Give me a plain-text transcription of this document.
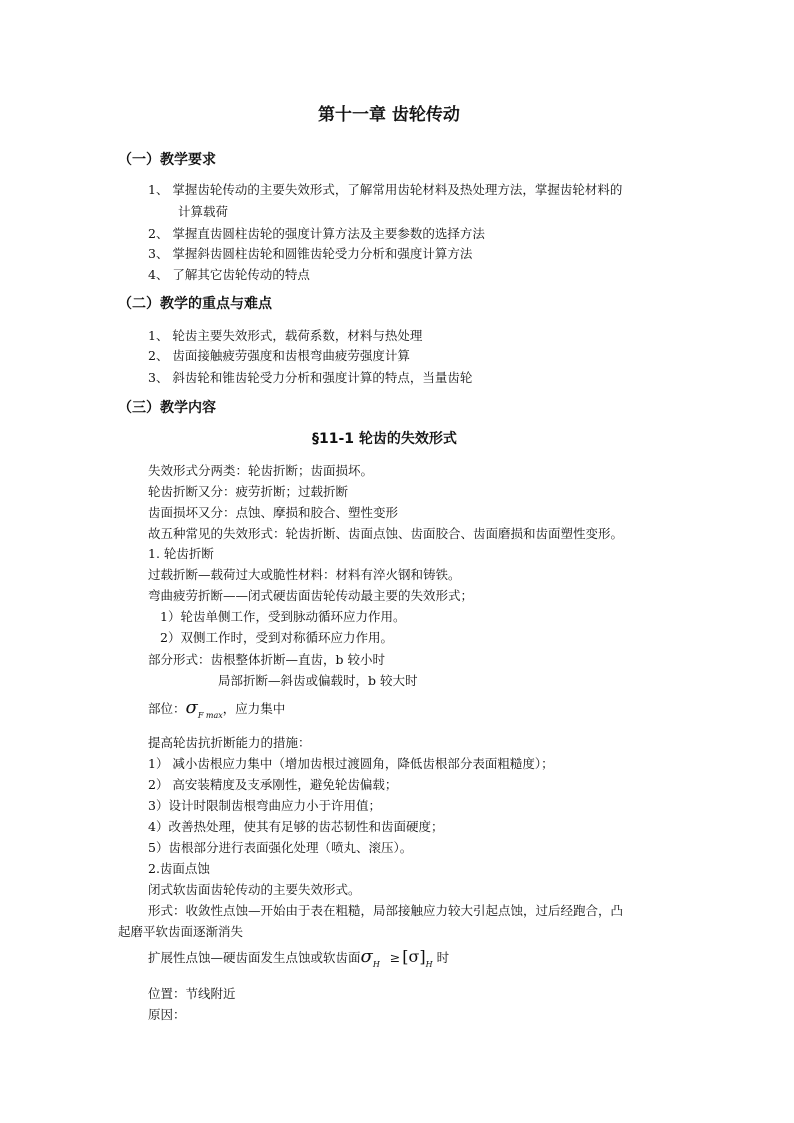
第十一章 齿轮传动
（一）教学要求
1、 掌握齿轮传动的主要失效形式，了解常用齿轮材料及热处理方法，掌握齿轮材料的
计算载荷
2、 掌握直齿圆柱齿轮的强度计算方法及主要参数的选择方法
3、 掌握斜齿圆柱齿轮和圆锥齿轮受力分析和强度计算方法
4、 了解其它齿轮传动的特点
（二）教学的重点与难点
1、 轮齿主要失效形式，载荷系数，材料与热处理
2、 齿面接触疲劳强度和齿根弯曲疲劳强度计算
3、 斜齿轮和锥齿轮受力分析和强度计算的特点，当量齿轮
（三）教学内容
§11-1 轮齿的失效形式
失效形式分两类：轮齿折断；齿面损坏。
轮齿折断又分：疲劳折断；过载折断
齿面损坏又分：点蚀、摩损和胶合、塑性变形
故五种常见的失效形式：轮齿折断、齿面点蚀、齿面胶合、齿面磨损和齿面塑性变形。
1. 轮齿折断
过载折断—载荷过大或脆性材料：材料有淬火钢和铸铁。
弯曲疲劳折断——闭式硬齿面齿轮传动最主要的失效形式；
1）轮齿单侧工作，受到脉动循环应力作用。
2）双侧工作时，受到对称循环应力作用。
部分形式：齿根整体折断—直齿，b 较小时
局部折断—斜齿或偏载时，b 较大时
部位：$\sigma_{F max}$，应力集中
提高轮齿抗折断能力的措施：
1） 减小齿根应力集中（增加齿根过渡圆角，降低齿根部分表面粗糙度）；
2） 高安装精度及支承刚性，避免轮齿偏载；
3）设计时限制齿根弯曲应力小于许用值；
4）改善热处理，使其有足够的齿芯韧性和齿面硬度；
5）齿根部分进行表面强化处理（喷丸、滚压）。
2.齿面点蚀
闭式软齿面齿轮传动的主要失效形式。
形式：收敛性点蚀—开始由于表在粗糙，局部接触应力较大引起点蚀，过后经跑合，凸
起磨平软齿面逐渐消失
扩展性点蚀—硬齿面发生点蚀或软齿面$\sigma_H \ge [\sigma]_H$ 时
位置：节线附近
原因：
